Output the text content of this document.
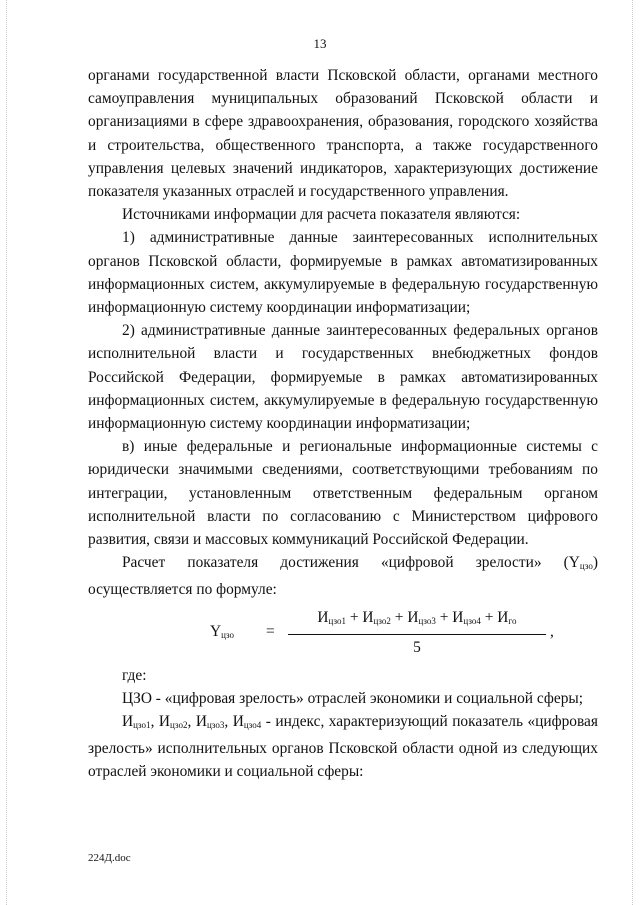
13

органами государственной власти Псковской области, органами местного самоуправления муниципальных образований Псковской области и организациями в сфере здравоохранения, образования, городского хозяйства и строительства, общественного транспорта, а также государственного управления целевых значений индикаторов, характеризующих достижение показателя указанных отраслей и государственного управления.

Источниками информации для расчета показателя являются:

1) административные данные заинтересованных исполнительных органов Псковской области, формируемые в рамках автоматизированных информационных систем, аккумулируемые в федеральную государственную информационную систему координации информатизации;

2) административные данные заинтересованных федеральных органов исполнительной власти и государственных внебюджетных фондов Российской Федерации, формируемые в рамках автоматизированных информационных систем, аккумулируемые в федеральную государственную информационную систему координации информатизации;

в) иные федеральные и региональные информационные системы с юридически значимыми сведениями, соответствующими требованиям по интеграции, установленным ответственным федеральным органом исполнительной власти по согласованию с Министерством цифрового развития, связи и массовых коммуникаций Российской Федерации.

Расчет показателя достижения «цифровой зрелости» $(Y_{цзо})$ осуществляется по формуле:

$Y_{цзо}$ =
$И_{цзо1} + И_{цзо2} + И_{цзо3} + И_{цзо4} + И_{гo}$
5
,

где:

ЦЗО - «цифровая зрелость» отраслей экономики и социальной сферы;

$И_{цзо1}$, $И_{цзо2}$, $И_{цзо3}$, $И_{цзо4}$ - индекс, характеризующий показатель «цифровая зрелость» исполнительных органов Псковской области одной из следующих отраслей экономики и социальной сферы:

224Д.doc
